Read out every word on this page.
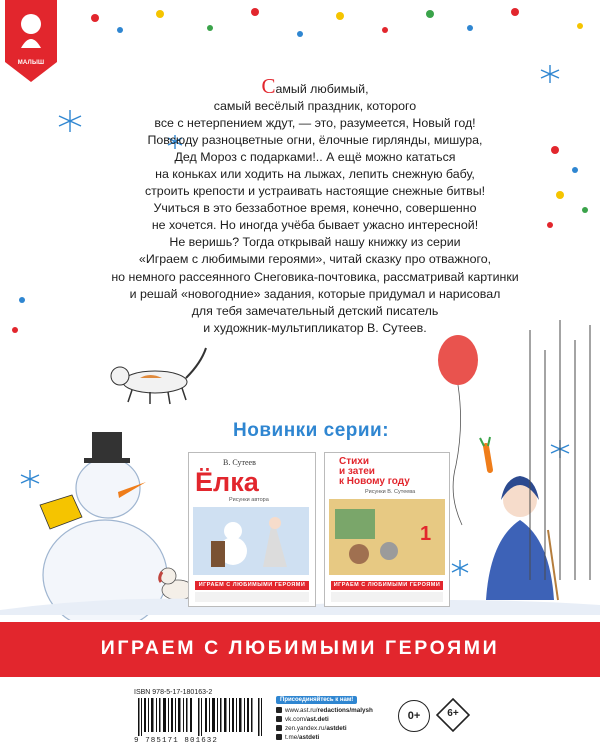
МАЛЫШ
Самый любимый,
самый весёлый праздник, которого
все с нетерпением ждут, — это, разумеется, Новый год!
Повсюду разноцветные огни, ёлочные гирлянды, мишура,
Дед Мороз с подарками!.. А ещё можно кататься
на коньках или ходить на лыжах, лепить снежную бабу,
строить крепости и устраивать настоящие снежные битвы!
Учиться в это беззаботное время, конечно, совершенно
не хочется. Но иногда учёба бывает ужасно интересной!
Не веришь? Тогда открывай нашу книжку из серии
«Играем с любимыми героями», читай сказку про отважного,
но немного рассеянного Снеговика-почтовика, рассматривай картинки
и решай «новогодние» задания, которые придумал и нарисовал
для тебя замечательный детский писатель
и художник-мультипликатор В. Сутеев.
Новинки серии:
В. Сутеев
Ёлка
Рисунки автора
ИГРАЕМ С ЛЮБИМЫМИ ГЕРОЯМИ
Стихи
и затеи
к Новому году
Рисунки В. Сутеева
1
ИГРАЕМ С ЛЮБИМЫМИ ГЕРОЯМИ
ИГРАЕМ С ЛЮБИМЫМИ ГЕРОЯМИ
ISBN 978-5-17-180163-2
9 785171 801632
Присоединяйтесь к нам!
www.ast.ru/redactions/malysh
vk.com/ast.deti
zen.yandex.ru/astdeti
t.me/astdeti
0+	6+
